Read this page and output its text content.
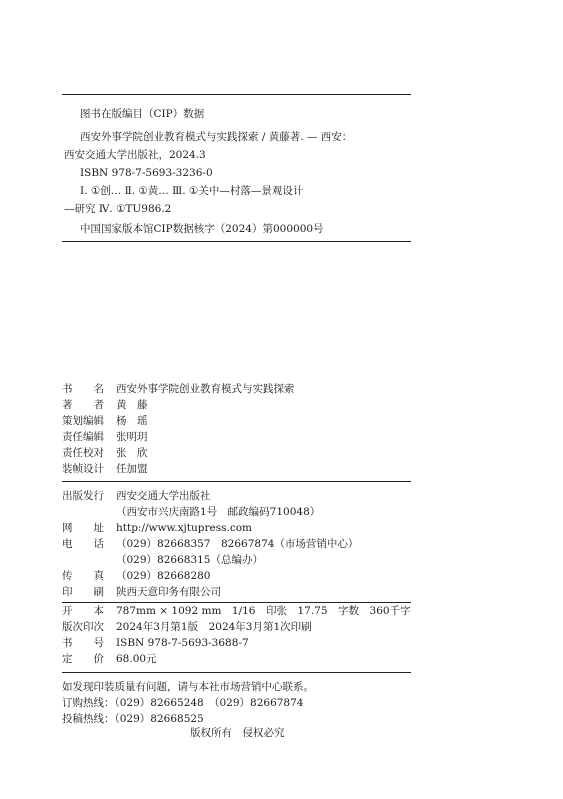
图书在版编目（CIP）数据
西安外事学院创业教育模式与实践探索 / 黄藤著. — 西安：
西安交通大学出版社，2024.3
ISBN 978-7-5693-3236-0
Ⅰ. ①创… Ⅱ. ①黄… Ⅲ. ①关中—村落—景观设计
—研究 Ⅳ. ①TU986.2
中国国家版本馆CIP数据核字（2024）第000000号
书　　名 西安外事学院创业教育模式与实践探索
著　　者 黄　藤
策划编辑 杨　瑶
责任编辑 张明玥
责任校对 张　欣
装帧设计 任加盟
出版发行 西安交通大学出版社
（西安市兴庆南路1号　邮政编码710048）
网　　址 http://www.xjtupress.com
电　　话 （029）82668357　82667874（市场营销中心）
（029）82668315（总编办）
传　　真 （029）82668280
印　　刷 陕西天意印务有限公司
开　　本 787mm × 1092 mm　1/16　印张　17.75　字数　360千字
版次印次 2024年3月第1版　2024年3月第1次印刷
书　　号 ISBN 978-7-5693-3688-7
定　　价 68.00元
如发现印装质量有问题，请与本社市场营销中心联系。
订购热线：（029）82665248　（029）82667874
投稿热线：（029）82668525
版权所有　侵权必究
